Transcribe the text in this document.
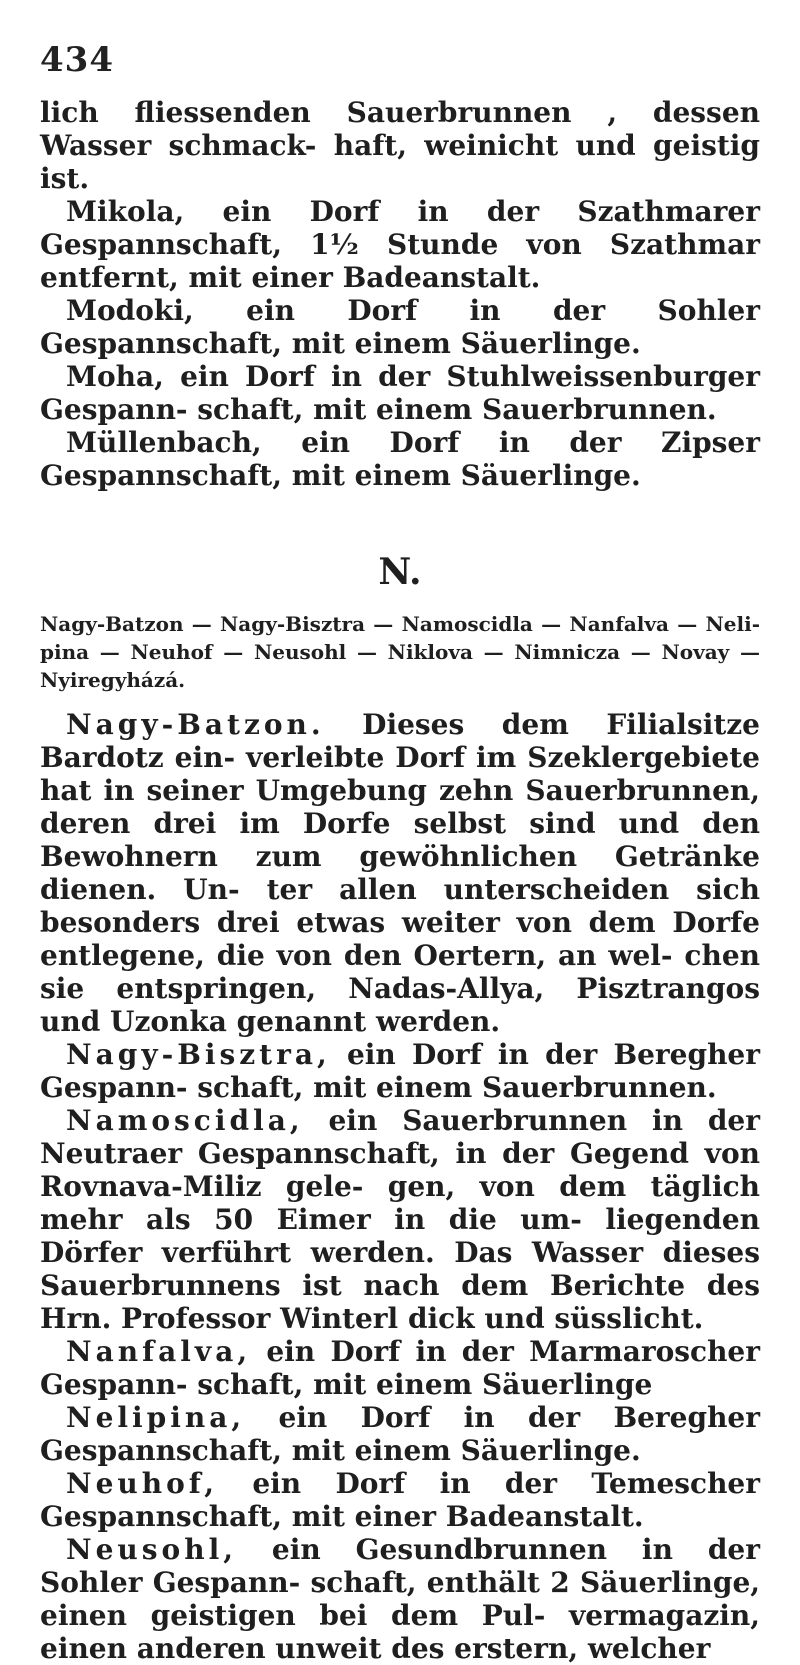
434

lich fliessenden Sauerbrunnen , dessen Wasser schmack- haft, weinicht und geistig ist.

Mikola, ein Dorf in der Szathmarer Gespannschaft, 1½ Stunde von Szathmar entfernt, mit einer Badeanstalt.

Modoki, ein Dorf in der Sohler Gespannschaft, mit einem Säuerlinge.

Moha, ein Dorf in der Stuhlweissenburger Gespann- schaft, mit einem Sauerbrunnen.

Müllenbach, ein Dorf in der Zipser Gespannschaft, mit einem Säuerlinge.

N.

Nagy-Batzon — Nagy-Bisztra — Namoscidla — Nanfalva — Neli- pina — Neuhof — Neusohl — Niklova — Nimnicza — Novay — Nyiregyházá.

Nagy-Batzon. Dieses dem Filialsitze Bardotz ein- verleibte Dorf im Szeklergebiete hat in seiner Umgebung zehn Sauerbrunnen, deren drei im Dorfe selbst sind und den Bewohnern zum gewöhnlichen Getränke dienen. Un- ter allen unterscheiden sich besonders drei etwas weiter von dem Dorfe entlegene, die von den Oertern, an wel- chen sie entspringen, Nadas-Allya, Pisztrangos und Uzonka genannt werden.

Nagy-Bisztra, ein Dorf in der Beregher Gespann- schaft, mit einem Sauerbrunnen.

Namoscidla, ein Sauerbrunnen in der Neutraer Gespannschaft, in der Gegend von Rovnava-Miliz gele- gen, von dem täglich mehr als 50 Eimer in die um- liegenden Dörfer verführt werden. Das Wasser dieses Sauerbrunnens ist nach dem Berichte des Hrn. Professor Winterl dick und süsslicht.

Nanfalva, ein Dorf in der Marmaroscher Gespann- schaft, mit einem Säuerlinge

Nelipina, ein Dorf in der Beregher Gespannschaft, mit einem Säuerlinge.

Neuhof, ein Dorf in der Temescher Gespannschaft, mit einer Badeanstalt.

Neusohl, ein Gesundbrunnen in der Sohler Gespann- schaft, enthält 2 Säuerlinge, einen geistigen bei dem Pul- vermagazin, einen anderen unweit des erstern, welcher
